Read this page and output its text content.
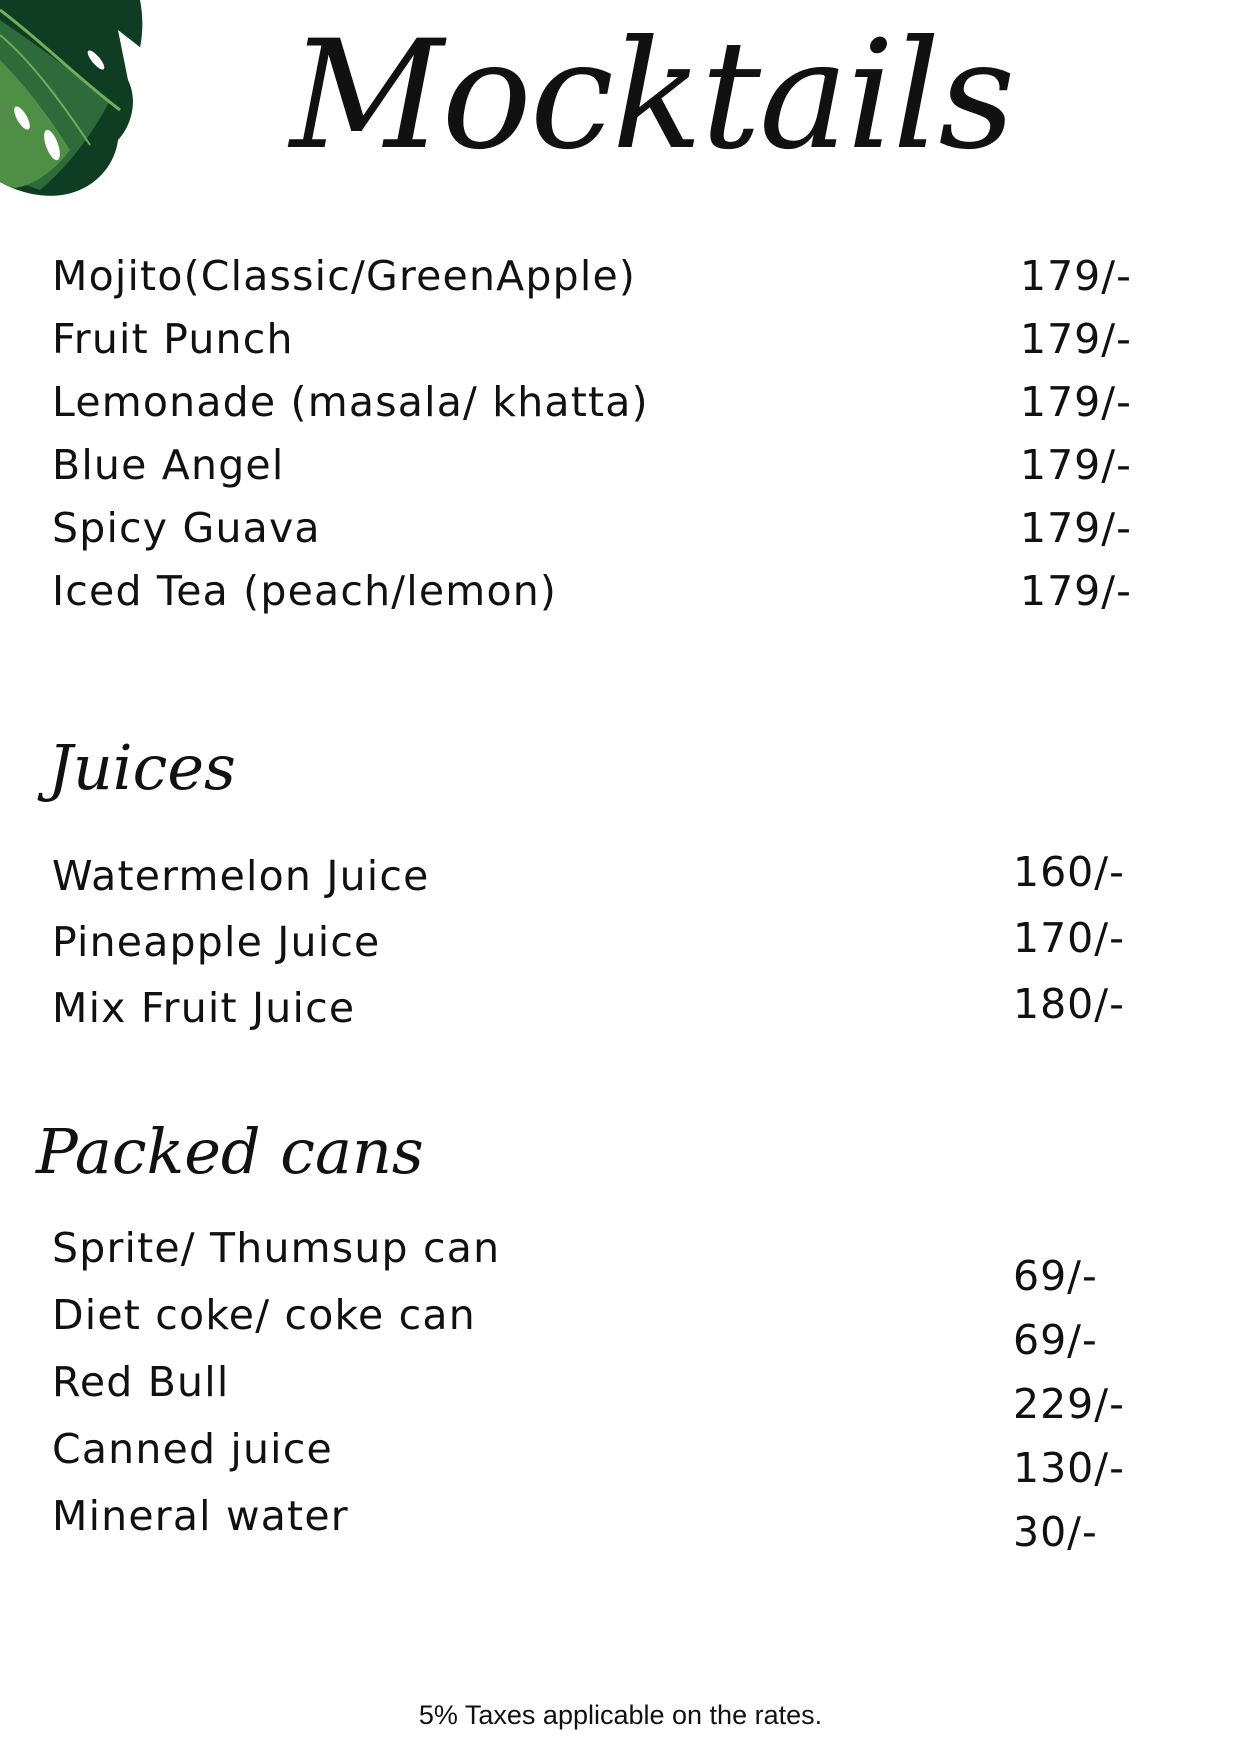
Mocktails
Mojito(Classic/GreenApple)
Fruit Punch
Lemonade (masala/ khatta)
Blue Angel
Spicy Guava
Iced Tea (peach/lemon)
179/-
179/-
179/-
179/-
179/-
179/-
Juices
Watermelon Juice
Pineapple Juice
Mix Fruit Juice
160/-
170/-
180/-
Packed cans
Sprite/ Thumsup can
Diet coke/ coke can
Red Bull
Canned juice
Mineral water
69/-
69/-
229/-
130/-
30/-
5% Taxes applicable on the rates.
